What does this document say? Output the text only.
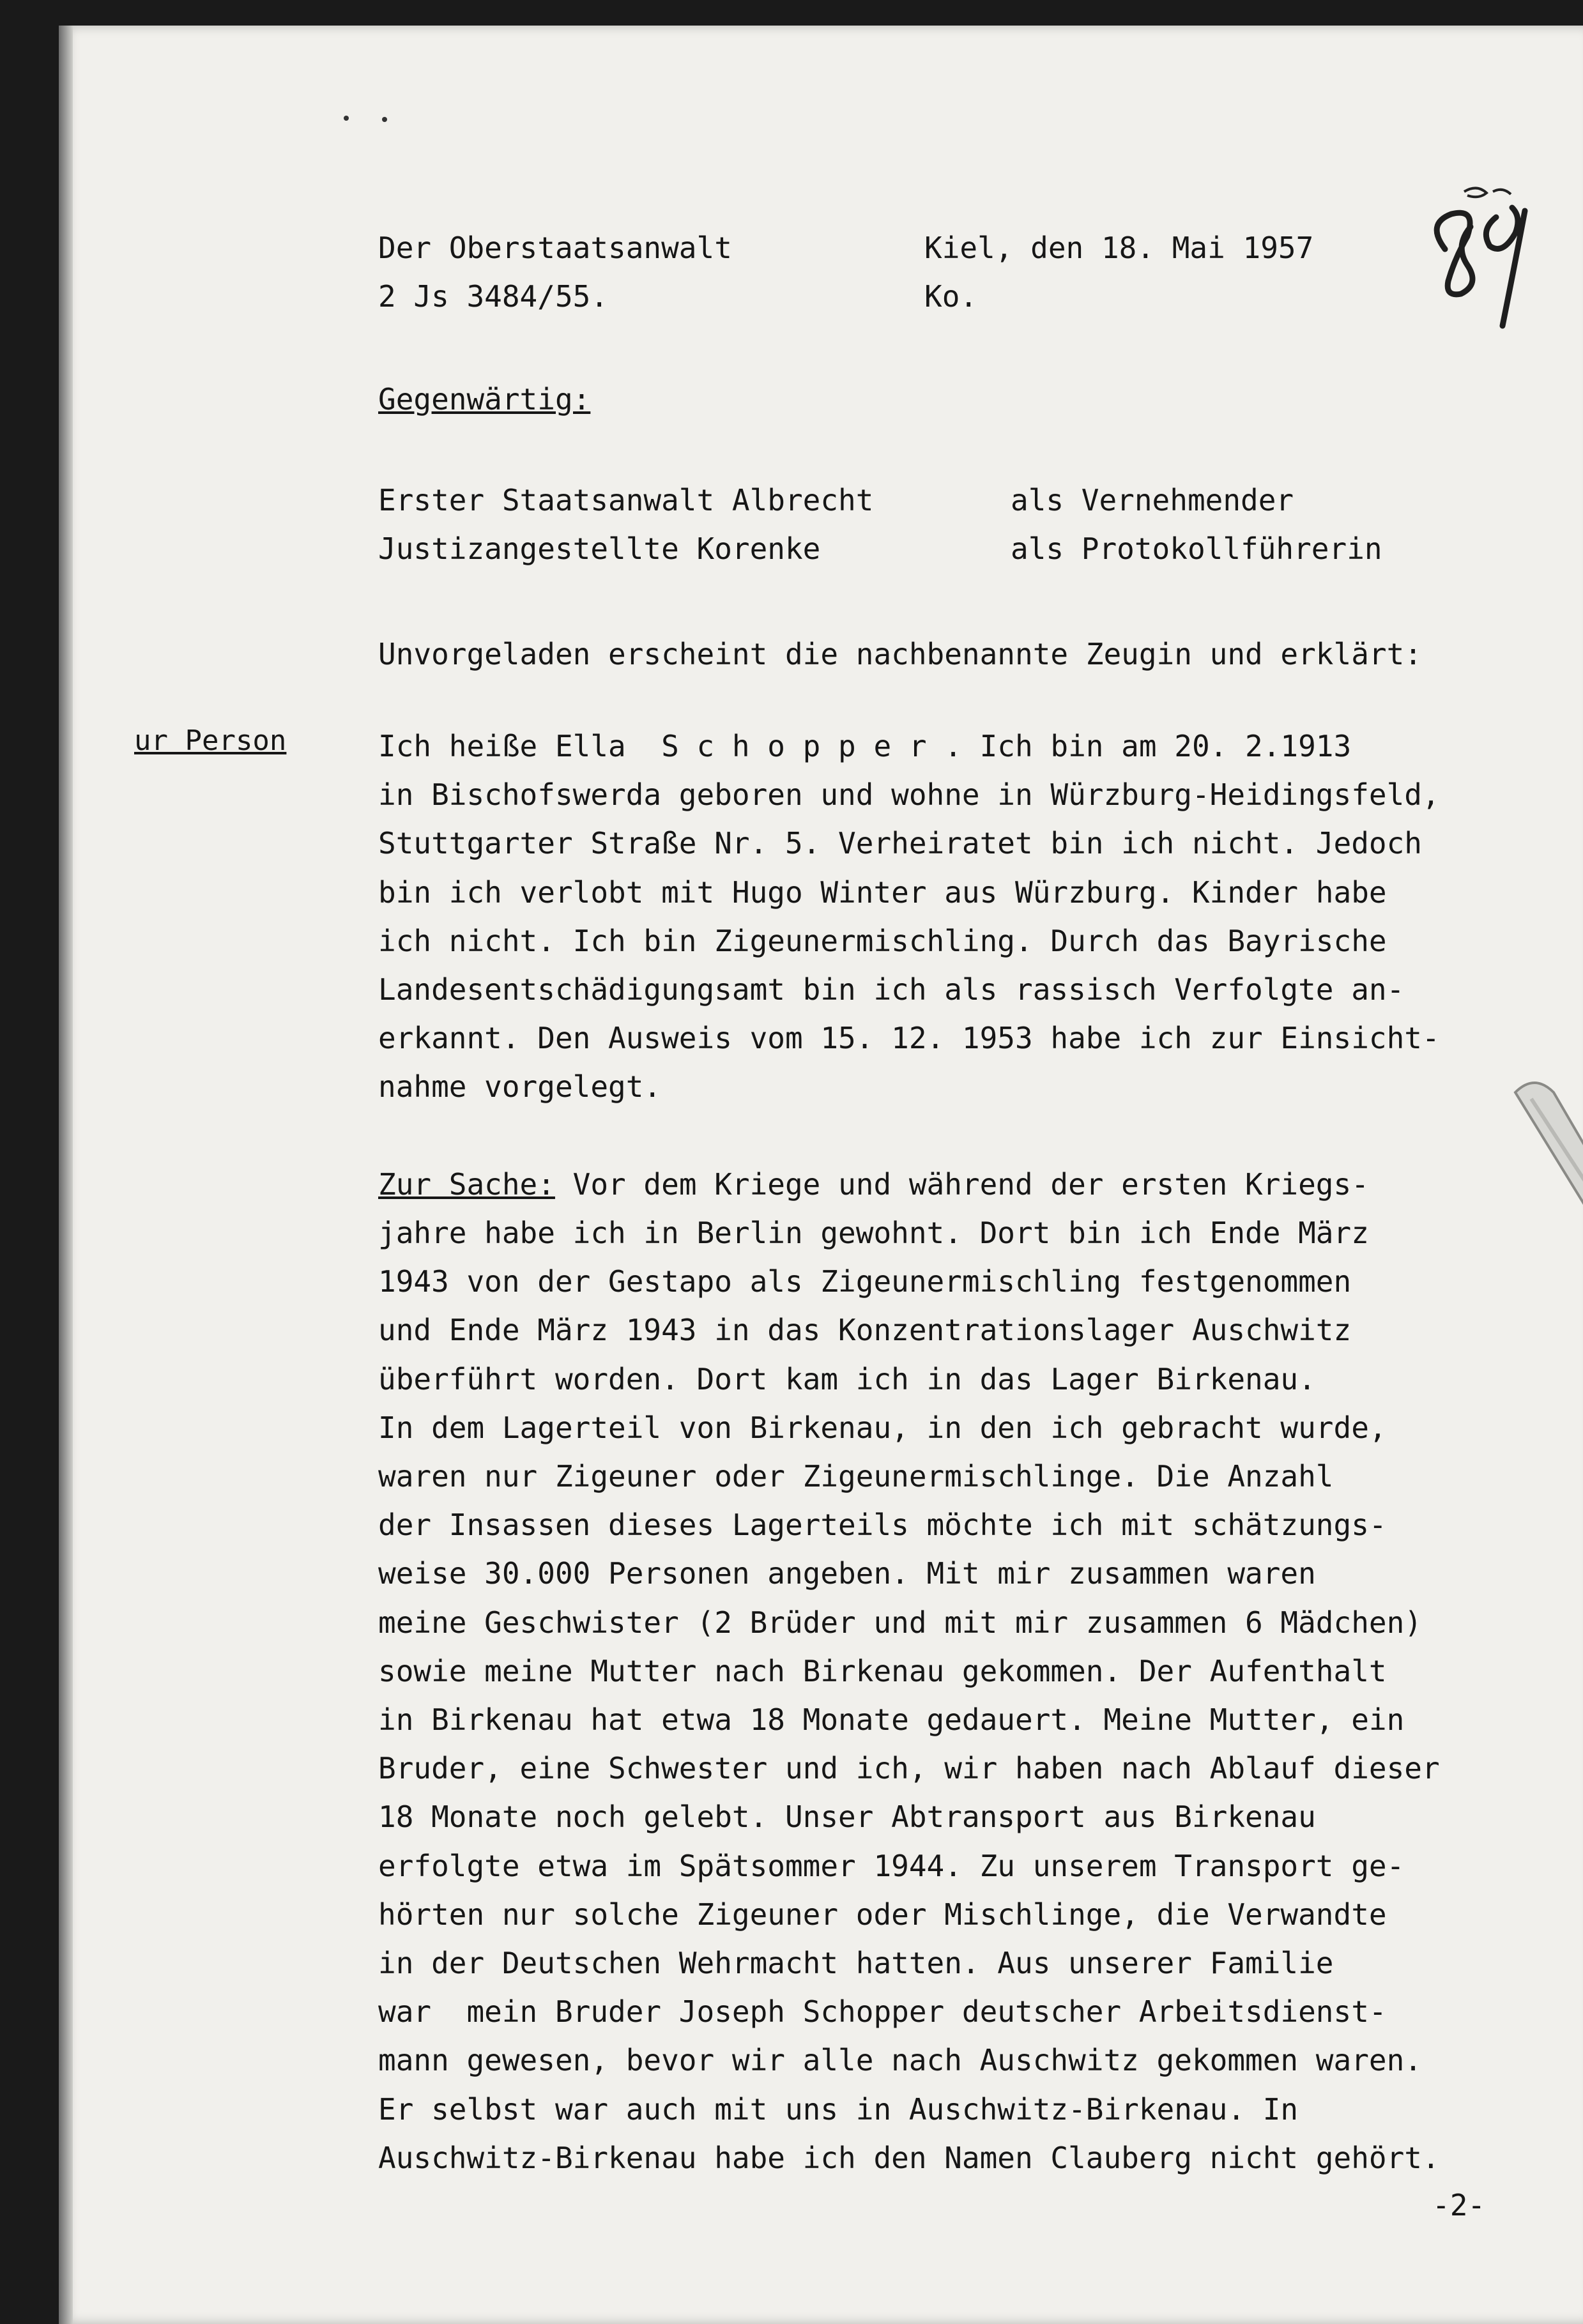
Der Oberstaatsanwalt
2 Js 3484/55.
Kiel, den 18. Mai 1957
Ko.
Gegenwärtig:
Erster Staatsanwalt Albrecht
Justizangestellte Korenke
als Vernehmender
als Protokollführerin
Unvorgeladen erscheint die nachbenannte Zeugin und erklärt:
ur Person	Ich heiße Ella  S c h o p p e r . Ich bin am 20. 2.1913
in Bischofswerda geboren und wohne in Würzburg-Heidingsfeld,
Stuttgarter Straße Nr. 5. Verheiratet bin ich nicht. Jedoch
bin ich verlobt mit Hugo Winter aus Würzburg. Kinder habe
ich nicht. Ich bin Zigeunermischling. Durch das Bayrische
Landesentschädigungsamt bin ich als rassisch Verfolgte an-
erkannt. Den Ausweis vom 15. 12. 1953 habe ich zur Einsicht-
nahme vorgelegt.

Zur Sache: Vor dem Kriege und während der ersten Kriegs-
jahre habe ich in Berlin gewohnt. Dort bin ich Ende März
1943 von der Gestapo als Zigeunermischling festgenommen
und Ende März 1943 in das Konzentrationslager Auschwitz
überführt worden. Dort kam ich in das Lager Birkenau.
In dem Lagerteil von Birkenau, in den ich gebracht wurde,
waren nur Zigeuner oder Zigeunermischlinge. Die Anzahl
der Insassen dieses Lagerteils möchte ich mit schätzungs-
weise 30.000 Personen angeben. Mit mir zusammen waren
meine Geschwister (2 Brüder und mit mir zusammen 6 Mädchen)
sowie meine Mutter nach Birkenau gekommen. Der Aufenthalt
in Birkenau hat etwa 18 Monate gedauert. Meine Mutter, ein
Bruder, eine Schwester und ich, wir haben nach Ablauf dieser
18 Monate noch gelebt. Unser Abtransport aus Birkenau
erfolgte etwa im Spätsommer 1944. Zu unserem Transport ge-
hörten nur solche Zigeuner oder Mischlinge, die Verwandte
in der Deutschen Wehrmacht hatten. Aus unserer Familie
war  mein Bruder Joseph Schopper deutscher Arbeitsdienst-
mann gewesen, bevor wir alle nach Auschwitz gekommen waren.
Er selbst war auch mit uns in Auschwitz-Birkenau. In
Auschwitz-Birkenau habe ich den Namen Clauberg nicht gehört.
-2-
